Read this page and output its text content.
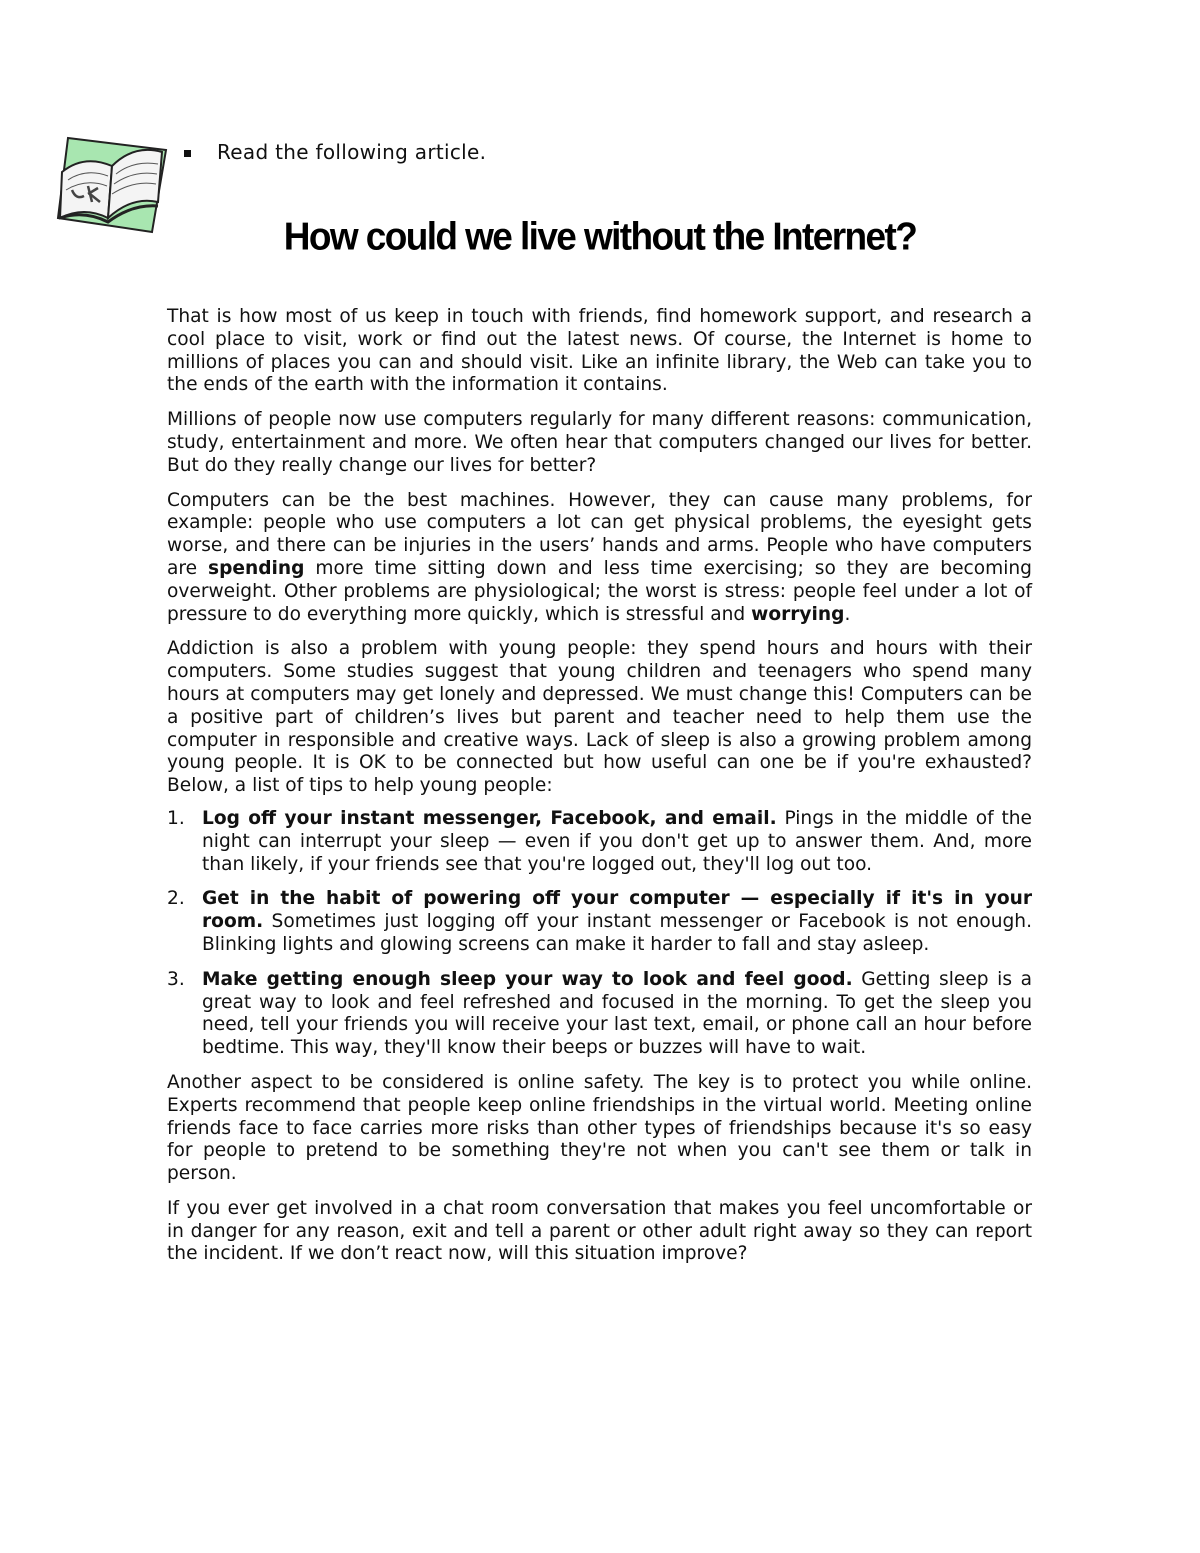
Read the following article.
How could we live without the Internet?

That is how most of us keep in touch with friends, find homework support, and research a cool place to visit, work or find out the latest news. Of course, the Internet is home to millions of places you can and should visit. Like an infinite library, the Web can take you to the ends of the earth with the information it contains.

Millions of people now use computers regularly for many different reasons: communication, study, entertainment and more. We often hear that computers changed our lives for better. But do they really change our lives for better?

Computers can be the best machines. However, they can cause many problems, for example: people who use computers a lot can get physical problems, the eyesight gets worse, and there can be injuries in the users’ hands and arms. People who have computers are spending more time sitting down and less time exercising; so they are becoming overweight. Other problems are physiological; the worst is stress: people feel under a lot of pressure to do everything more quickly, which is stressful and worrying.

Addiction is also a problem with young people: they spend hours and hours with their computers. Some studies suggest that young children and teenagers who spend many hours at computers may get lonely and depressed. We must change this! Computers can be a positive part of children’s lives but parent and teacher need to help them use the computer in responsible and creative ways. Lack of sleep is also a growing problem among young people. It is OK to be connected but how useful can one be if you're exhausted? Below, a list of tips to help young people:

1. Log off your instant messenger, Facebook, and email. Pings in the middle of the night can interrupt your sleep — even if you don't get up to answer them. And, more than likely, if your friends see that you're logged out, they'll log out too.
2. Get in the habit of powering off your computer — especially if it's in your room. Sometimes just logging off your instant messenger or Facebook is not enough. Blinking lights and glowing screens can make it harder to fall and stay asleep.
3. Make getting enough sleep your way to look and feel good. Getting sleep is a great way to look and feel refreshed and focused in the morning. To get the sleep you need, tell your friends you will receive your last text, email, or phone call an hour before bedtime. This way, they'll know their beeps or buzzes will have to wait.

Another aspect to be considered is online safety. The key is to protect you while online. Experts recommend that people keep online friendships in the virtual world. Meeting online friends face to face carries more risks than other types of friendships because it's so easy for people to pretend to be something they're not when you can't see them or talk in person.

If you ever get involved in a chat room conversation that makes you feel uncomfortable or in danger for any reason, exit and tell a parent or other adult right away so they can report the incident. If we don’t react now, will this situation improve?
